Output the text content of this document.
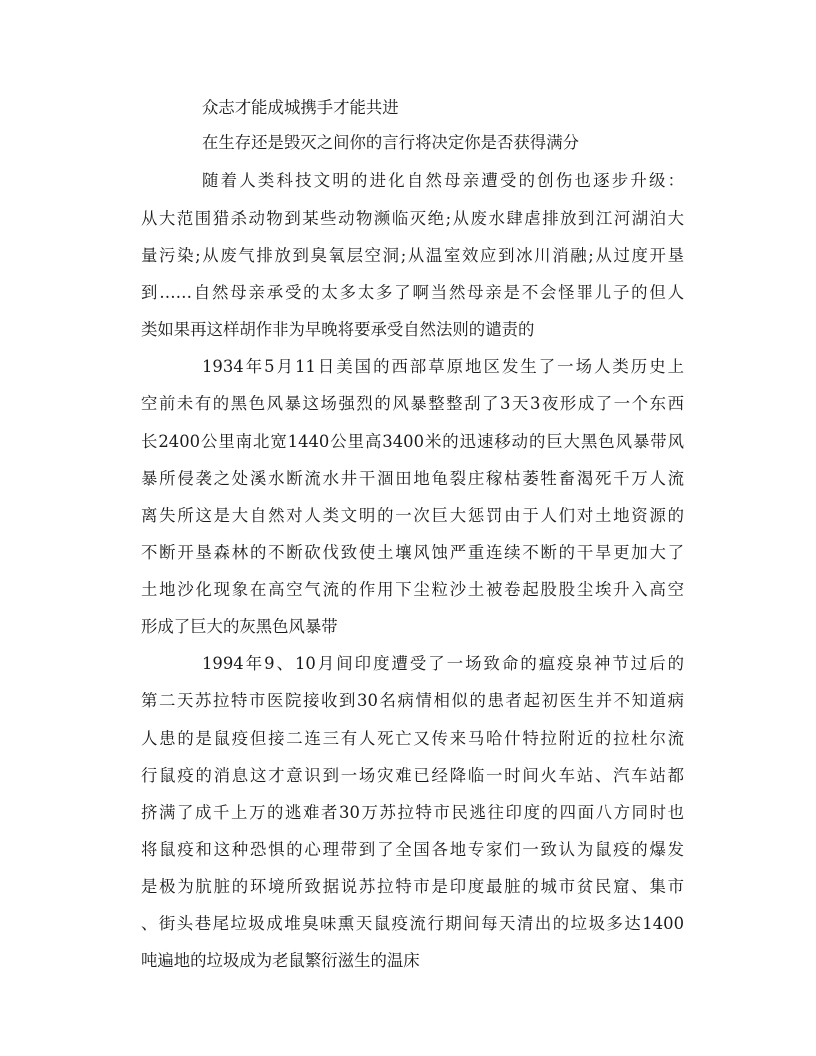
众志才能成城携手才能共进
在生存还是毁灭之间你的言行将决定你是否获得满分
随着人类科技文明的进化自然母亲遭受的创伤也逐步升级：
从大范围猎杀动物到某些动物濒临灭绝;从废水肆虐排放到江河湖泊大
量污染;从废气排放到臭氧层空洞;从温室效应到冰川消融;从过度开垦
到……自然母亲承受的太多太多了啊当然母亲是不会怪罪儿子的但人
类如果再这样胡作非为早晚将要承受自然法则的谴责的
1934年5月11日美国的西部草原地区发生了一场人类历史上
空前未有的黑色风暴这场强烈的风暴整整刮了3天3夜形成了一个东西
长2400公里南北宽1440公里高3400米的迅速移动的巨大黑色风暴带风
暴所侵袭之处溪水断流水井干涸田地龟裂庄稼枯萎牲畜渴死千万人流
离失所这是大自然对人类文明的一次巨大惩罚由于人们对土地资源的
不断开垦森林的不断砍伐致使土壤风蚀严重连续不断的干旱更加大了
土地沙化现象在高空气流的作用下尘粒沙土被卷起股股尘埃升入高空
形成了巨大的灰黑色风暴带
1994年9、10月间印度遭受了一场致命的瘟疫泉神节过后的
第二天苏拉特市医院接收到30名病情相似的患者起初医生并不知道病
人患的是鼠疫但接二连三有人死亡又传来马哈什特拉附近的拉杜尔流
行鼠疫的消息这才意识到一场灾难已经降临一时间火车站、汽车站都
挤满了成千上万的逃难者30万苏拉特市民逃往印度的四面八方同时也
将鼠疫和这种恐惧的心理带到了全国各地专家们一致认为鼠疫的爆发
是极为肮脏的环境所致据说苏拉特市是印度最脏的城市贫民窟、集市
、街头巷尾垃圾成堆臭味熏天鼠疫流行期间每天清出的垃圾多达1400
吨遍地的垃圾成为老鼠繁衍滋生的温床
